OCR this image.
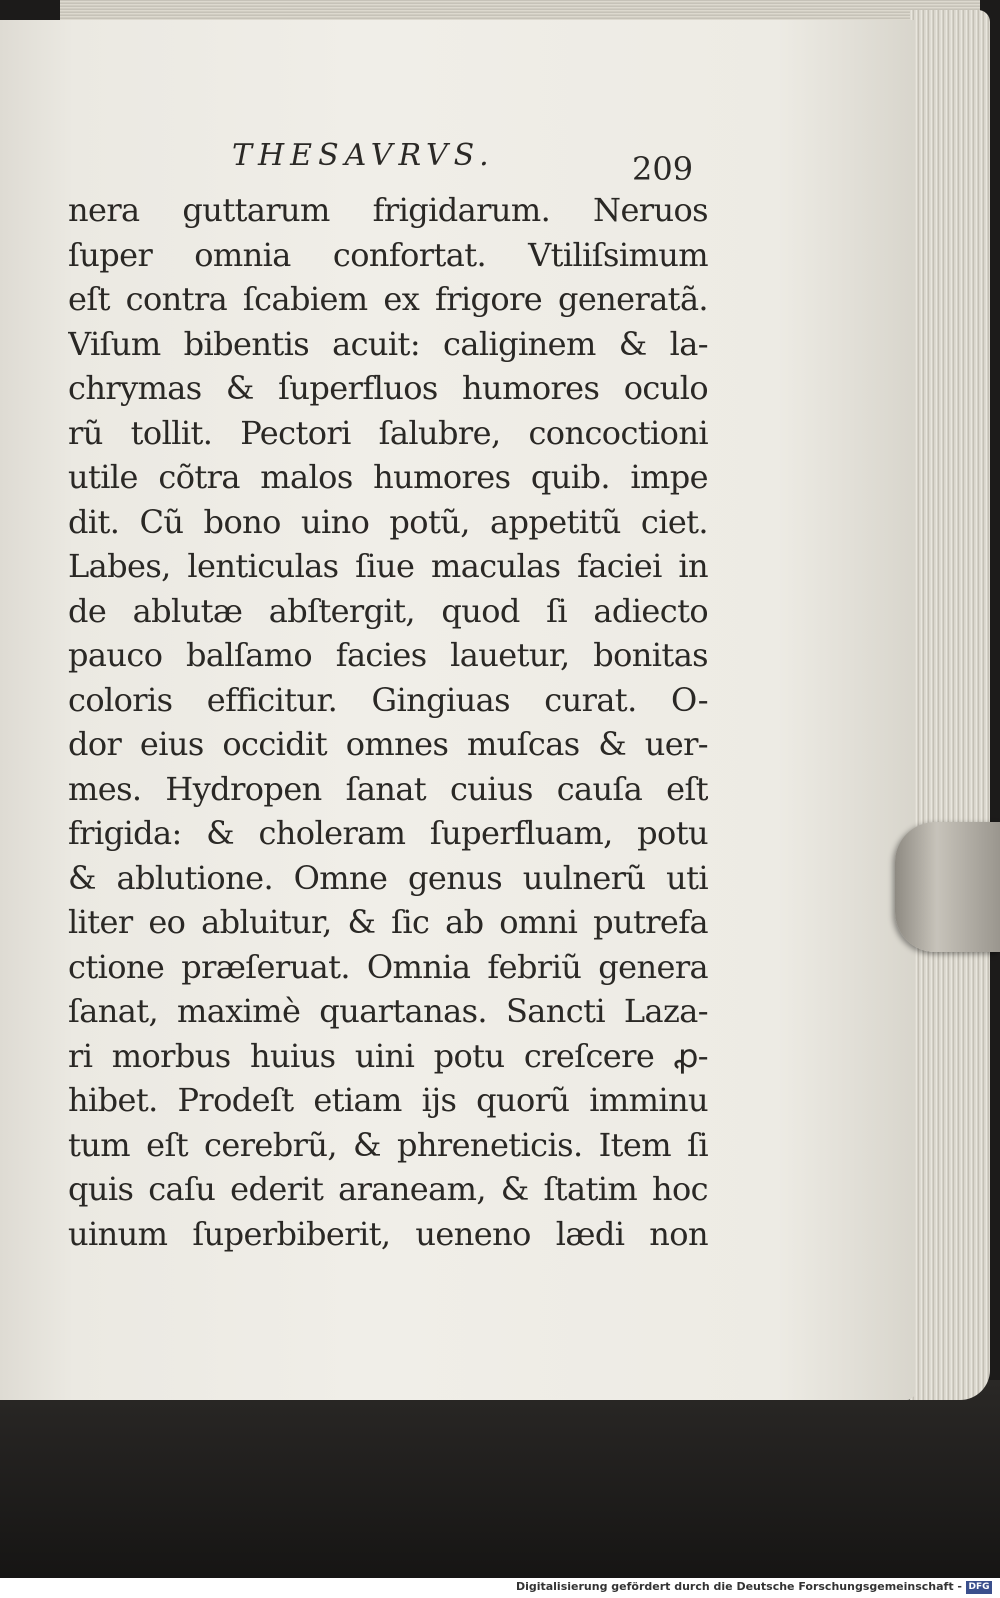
THESAVRVS.	209
nera guttarum frigidarum. Neruos
ſuper omnia confortat. Vtiliſsimum
eſt contra ſcabiem ex frigore generatã.
Viſum bibentis acuit: caliginem & la-
chrymas & ſuperfluos humores oculo
rũ tollit. Pectori ſalubre, concoctioni
utile cõtra malos humores quib. impe
dit. Cũ bono uino potũ, appetitũ ciet.
Labes, lenticulas ſiue maculas faciei in
de ablutæ abſtergit, quod ſi adiecto
pauco balſamo facies lauetur, bonitas
coloris efficitur. Gingiuas curat. O-
dor eius occidit omnes muſcas & uer-
mes. Hydropen ſanat cuius cauſa eſt
frigida: & choleram ſuperfluam, potu
& ablutione. Omne genus uulnerũ uti
liter eo abluitur, & ſic ab omni putrefa
ctione præſeruat. Omnia febriũ genera
ſanat, maximè quartanas. Sancti Laza-
ri morbus huius uini potu creſcere ꝓ-
hibet. Prodeſt etiam ijs quorũ imminu
tum eſt cerebrũ, & phreneticis. Item ſi
quis caſu ederit araneam, & ſtatim hoc
uinum ſuperbiberit, ueneno lædi non
Digitalisierung gefördert durch die Deutsche Forschungsgemeinschaft - DFG
